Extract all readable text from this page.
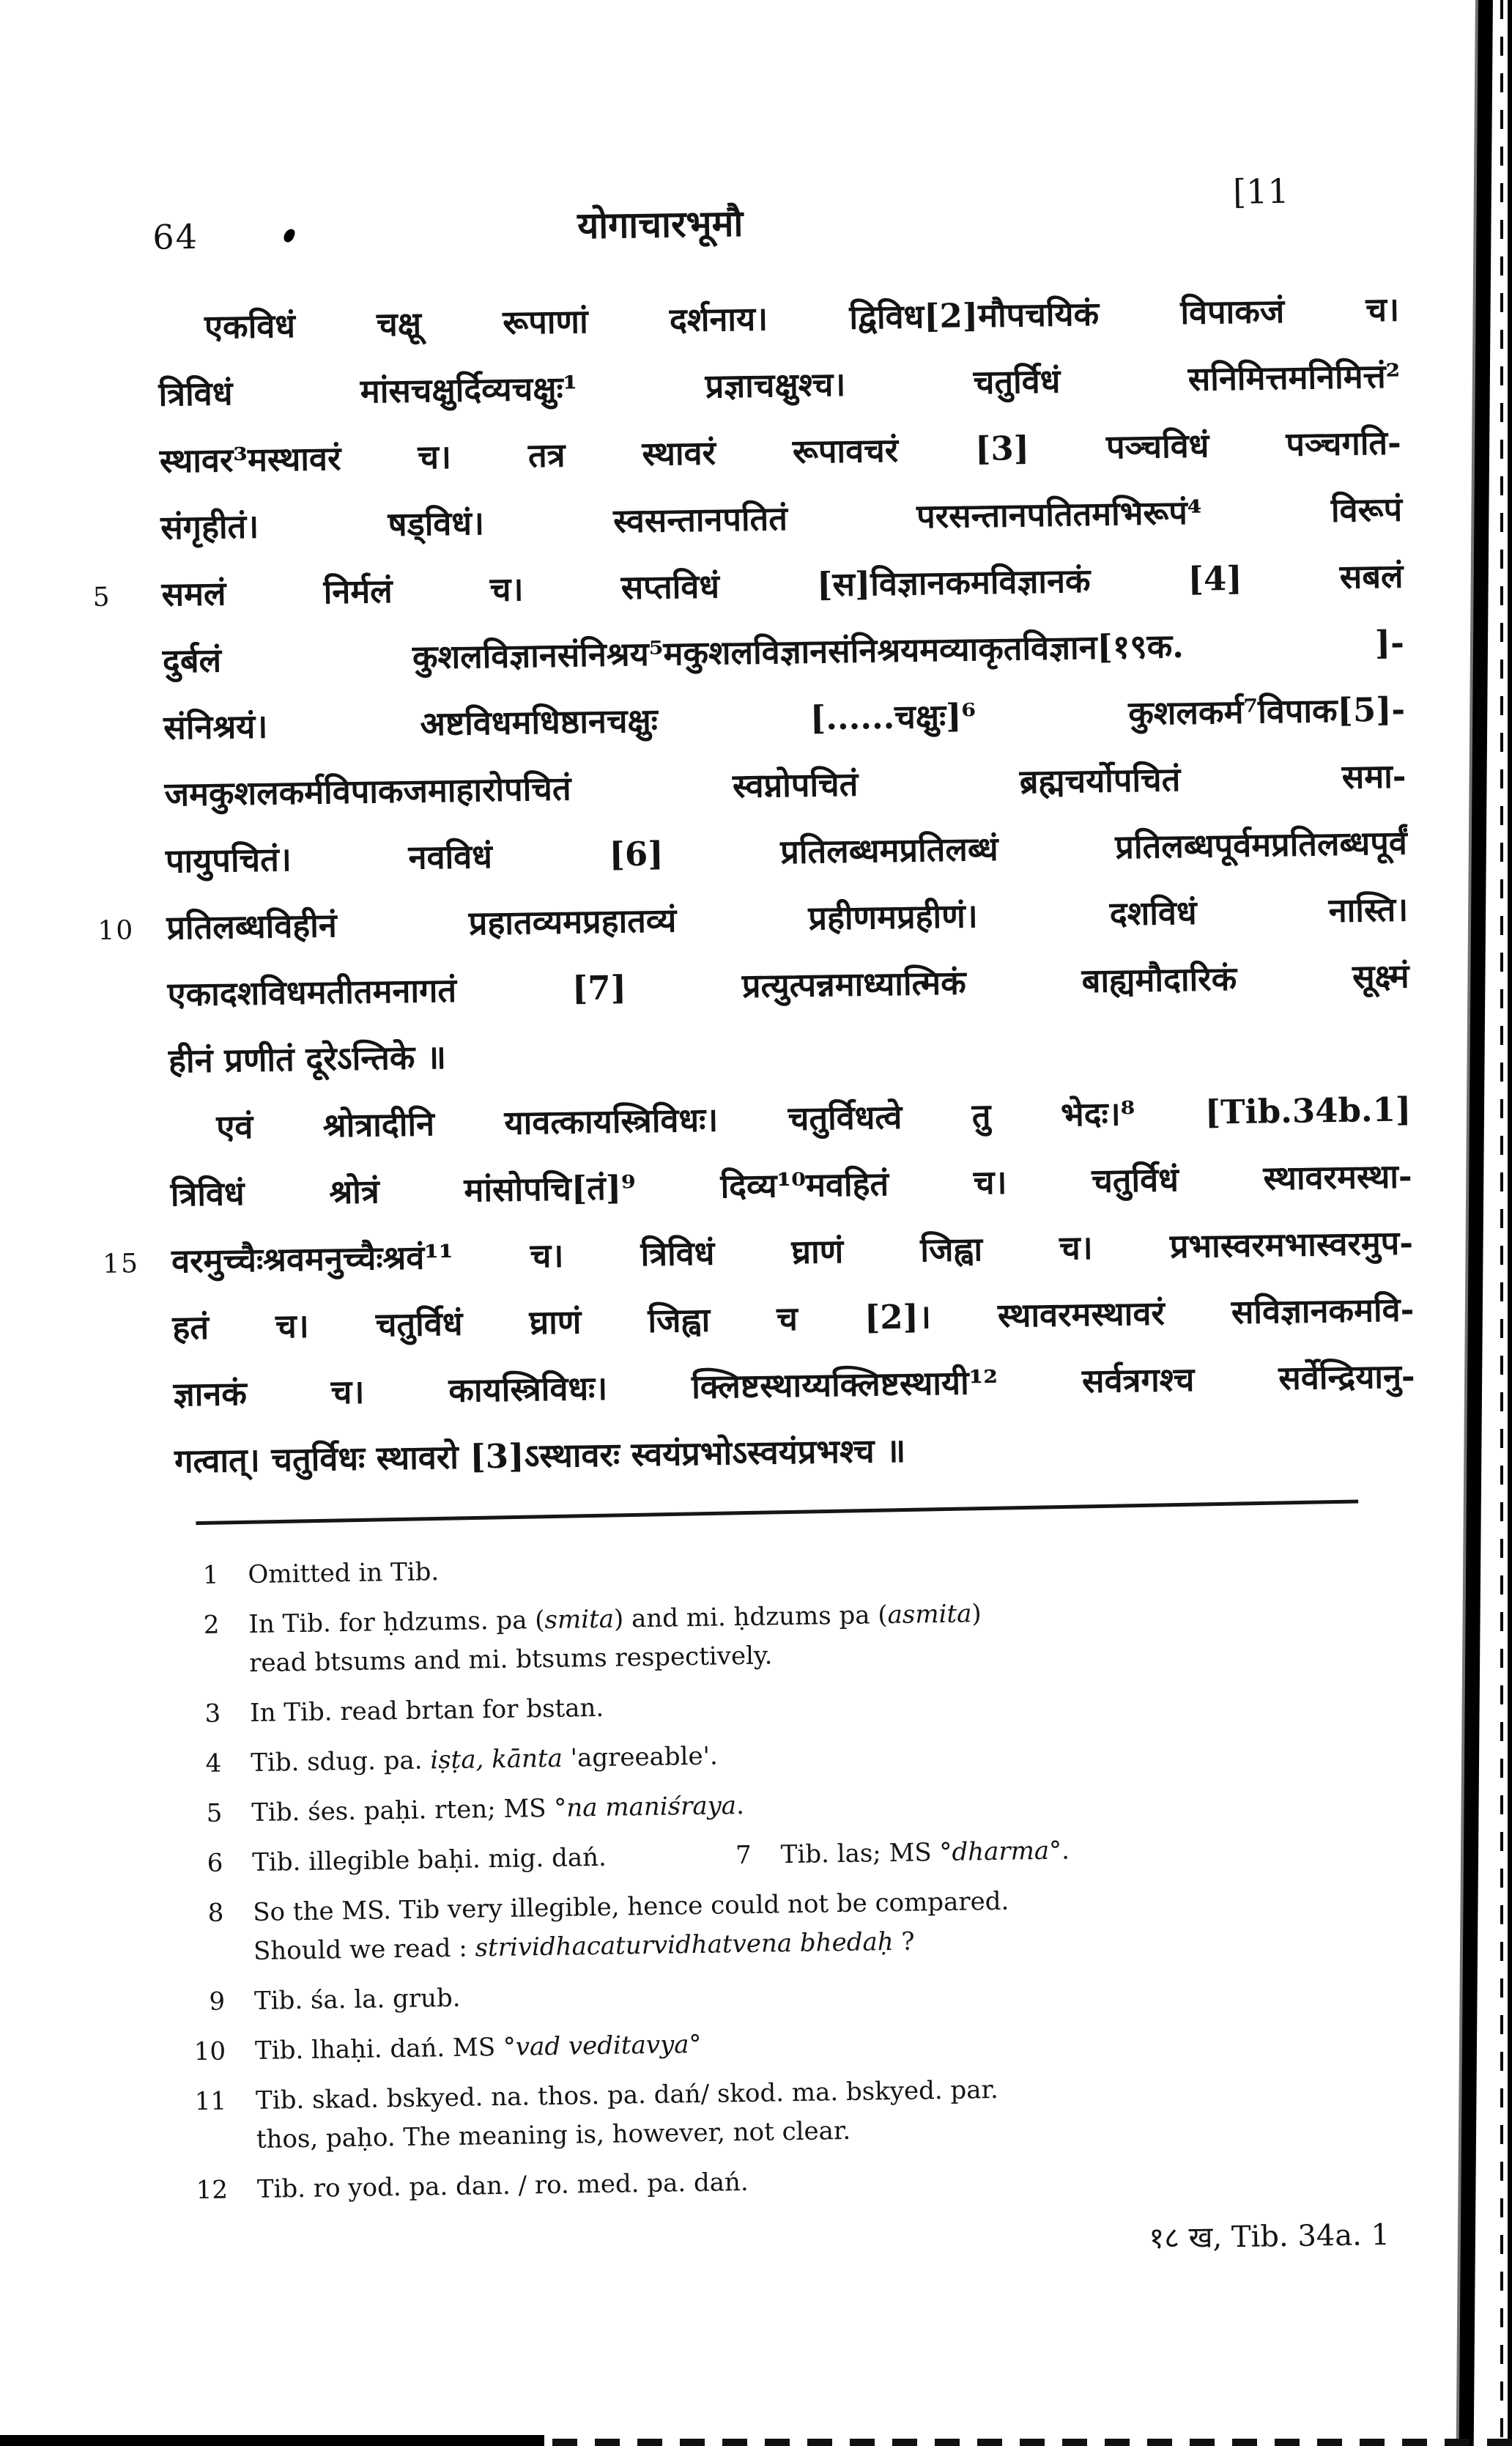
64	योगाचारभूमौ
[11
एकविधं चक्षू रूपाणां दर्शनाय। द्विविध[2]मौपचयिकं विपाकजं च।
त्रिविधं मांसचक्षुर्दिव्यचक्षुः¹ प्रज्ञाचक्षुश्च। चतुर्विधं सनिमित्तमनिमित्तं²
स्थावर³मस्थावरं च। तत्र स्थावरं रूपावचरं [3] पञ्चविधं पञ्चगति-
संगृहीतं। षड्विधं। स्वसन्तानपतितं परसन्तानपतितमभिरूपं⁴ विरूपं
5 समलं निर्मलं च। सप्तविधं [स]विज्ञानकमविज्ञानकं [4] सबलं
दुर्बलं कुशलविज्ञानसंनिश्रय⁵मकुशलविज्ञानसंनिश्रयमव्याकृतविज्ञान[१९क. ]-
संनिश्रयं। अष्टविधमधिष्ठानचक्षुः [......चक्षुः]⁶ कुशलकर्म⁷विपाक[5]-
जमकुशलकर्मविपाकजमाहारोपचितं स्वप्नोपचितं ब्रह्मचर्योपचितं समा-
पायुपचितं। नवविधं [6] प्रतिलब्धमप्रतिलब्धं प्रतिलब्धपूर्वमप्रतिलब्धपूर्वं
10 प्रतिलब्धविहीनं प्रहातव्यमप्रहातव्यं प्रहीणमप्रहीणं। दशविधं नास्ति।
एकादशविधमतीतमनागतं [7] प्रत्युत्पन्नमाध्यात्मिकं बाह्यमौदारिकं सूक्ष्मं
हीनं प्रणीतं दूरेऽन्तिके ॥
एवं श्रोत्रादीनि यावत्कायस्त्रिविधः। चतुर्विधत्वे तु भेदः।⁸ [Tib.34b.1]
त्रिविधं श्रोत्रं मांसोपचि[तं]⁹ दिव्य¹⁰मवहितं च। चतुर्विधं स्थावरमस्था-
15 वरमुच्चैःश्रवमनुच्चैःश्रवं¹¹ च। त्रिविधं घ्राणं जिह्वा च। प्रभास्वरमभास्वरमुप-
हतं च। चतुर्विधं घ्राणं जिह्वा च [2]। स्थावरमस्थावरं सविज्ञानकमवि-
ज्ञानकं च। कायस्त्रिविधः। क्लिष्टस्थाय्यक्लिष्टस्थायी¹² सर्वत्रगश्च सर्वेन्द्रियानु-
गत्वात्। चतुर्विधः स्थावरो [3]ऽस्थावरः स्वयंप्रभोऽस्वयंप्रभश्च ॥
1 Omitted in Tib.
2 In Tib. for ḥdzums. pa (smita) and mi. ḥdzums pa (asmita)
read btsums and mi. btsums respectively.
3 In Tib. read brtan for bstan.
4 Tib. sdug. pa. iṣṭa, kānta 'agreeable'.
5 Tib. śes. paḥi. rten; MS °na maniśraya.
6 Tib. illegible baḥi. mig. dań.	7 Tib. las; MS °dharma°.
8 So the MS. Tib very illegible, hence could not be compared.
Should we read : strividhacaturvidhatvena bhedaḥ ?
9 Tib. śa. la. grub.
10 Tib. lhaḥi. dań. MS °vad veditavya°
11 Tib. skad. bskyed. na. thos. pa. dań/ skod. ma. bskyed. par.
thos, paḥo. The meaning is, however, not clear.
12 Tib. ro yod. pa. dan. / ro. med. pa. dań.
१८ ख, Tib. 34a. 1
